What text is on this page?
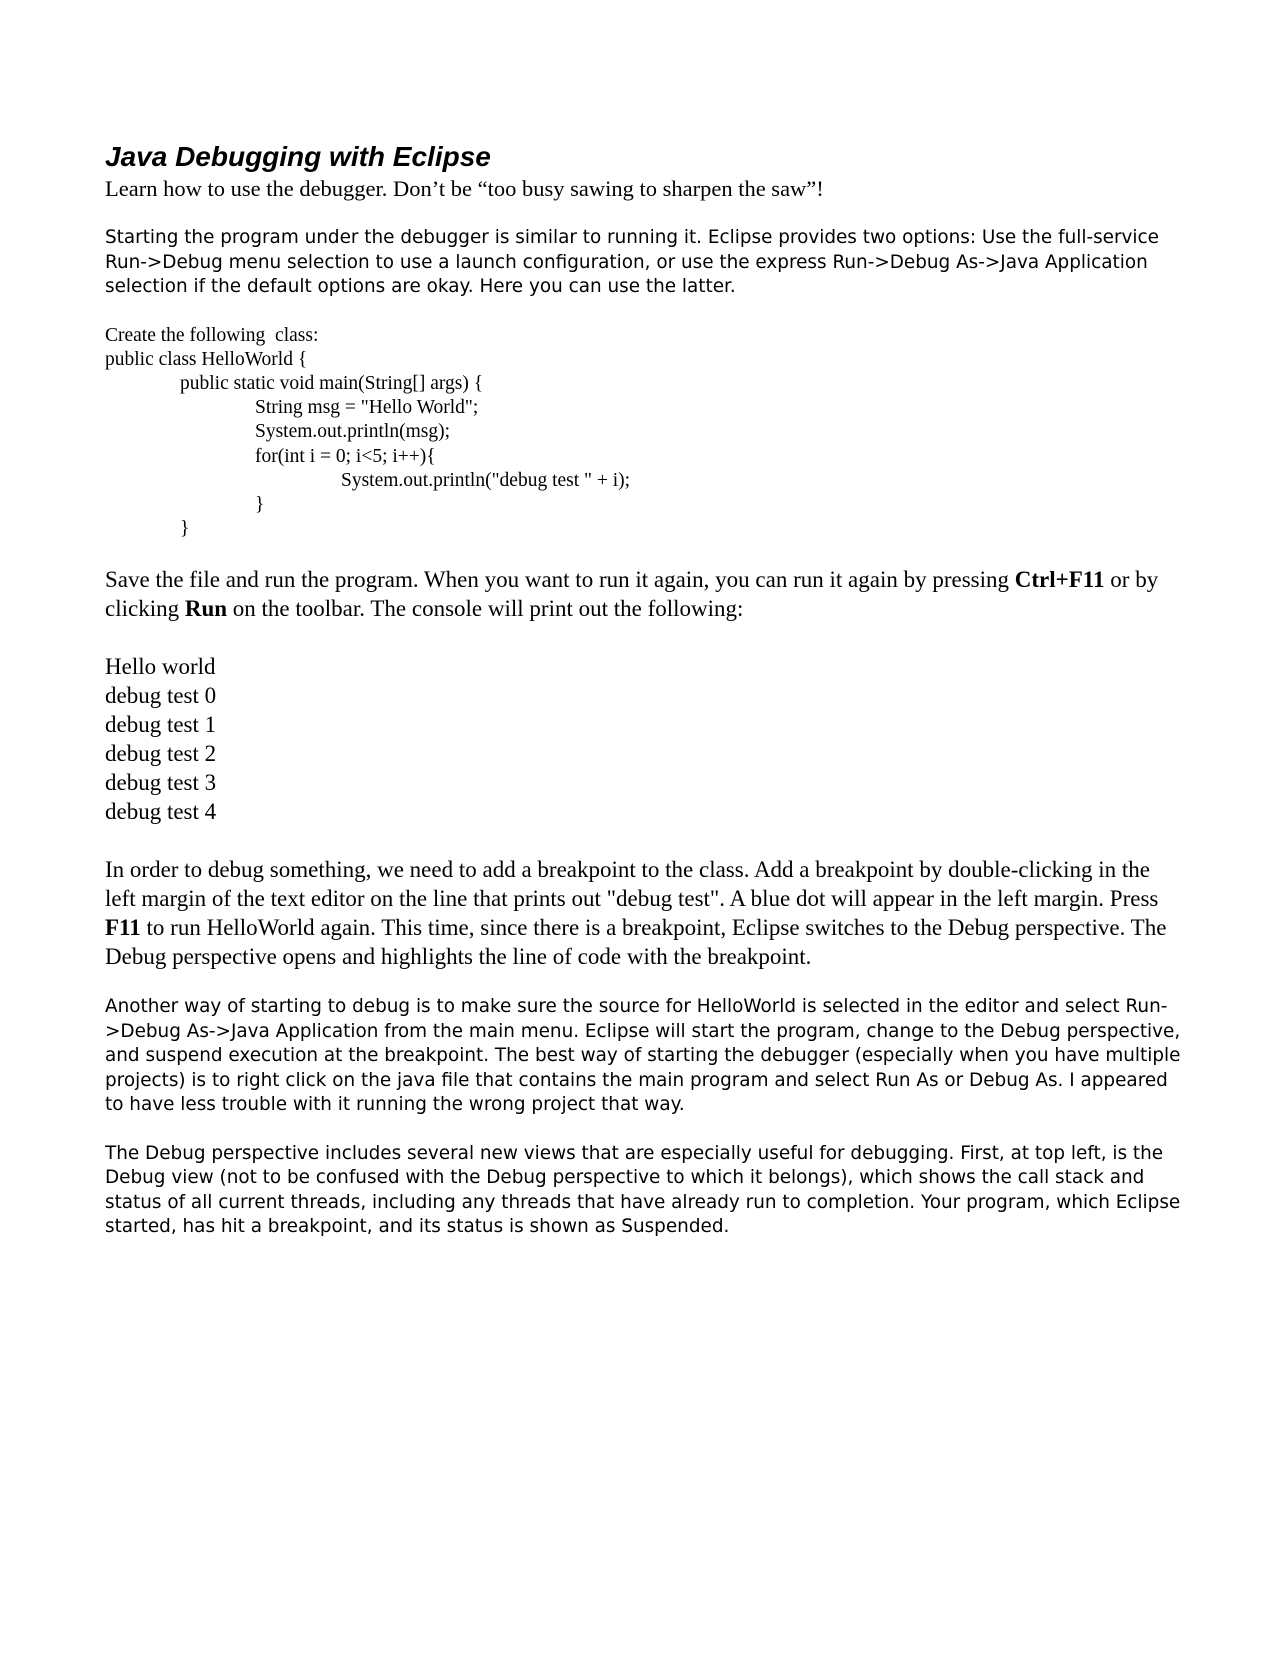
Java Debugging with Eclipse

Learn how to use the debugger. Don’t be “too busy sawing to sharpen the saw”!

Starting the program under the debugger is similar to running it. Eclipse provides two options: Use the full-service Run->Debug menu selection to use a launch configuration, or use the express Run->Debug As->Java Application selection if the default options are okay. Here you can use the latter.

Create the following  class:
public class HelloWorld {
public static void main(String[] args) {
String msg = "Hello World";
System.out.println(msg);
for(int i = 0; i<5; i++){
System.out.println("debug test " + i);
}
}

Save the file and run the program. When you want to run it again, you can run it again by pressing Ctrl+F11 or by clicking Run on the toolbar. The console will print out the following:

Hello world
debug test 0
debug test 1
debug test 2
debug test 3
debug test 4

In order to debug something, we need to add a breakpoint to the class. Add a breakpoint by double-clicking in the left margin of the text editor on the line that prints out "debug test". A blue dot will appear in the left margin. Press F11 to run HelloWorld again. This time, since there is a breakpoint, Eclipse switches to the Debug perspective. The Debug perspective opens and highlights the line of code with the breakpoint.

Another way of starting to debug is to make sure the source for HelloWorld is selected in the editor and select Run->Debug As->Java Application from the main menu. Eclipse will start the program, change to the Debug perspective, and suspend execution at the breakpoint. The best way of starting the debugger (especially when you have multiple projects) is to right click on the java file that contains the main program and select Run As or Debug As. I appeared to have less trouble with it running the wrong project that way.

The Debug perspective includes several new views that are especially useful for debugging. First, at top left, is the Debug view (not to be confused with the Debug perspective to which it belongs), which shows the call stack and status of all current threads, including any threads that have already run to completion. Your program, which Eclipse started, has hit a breakpoint, and its status is shown as Suspended.
